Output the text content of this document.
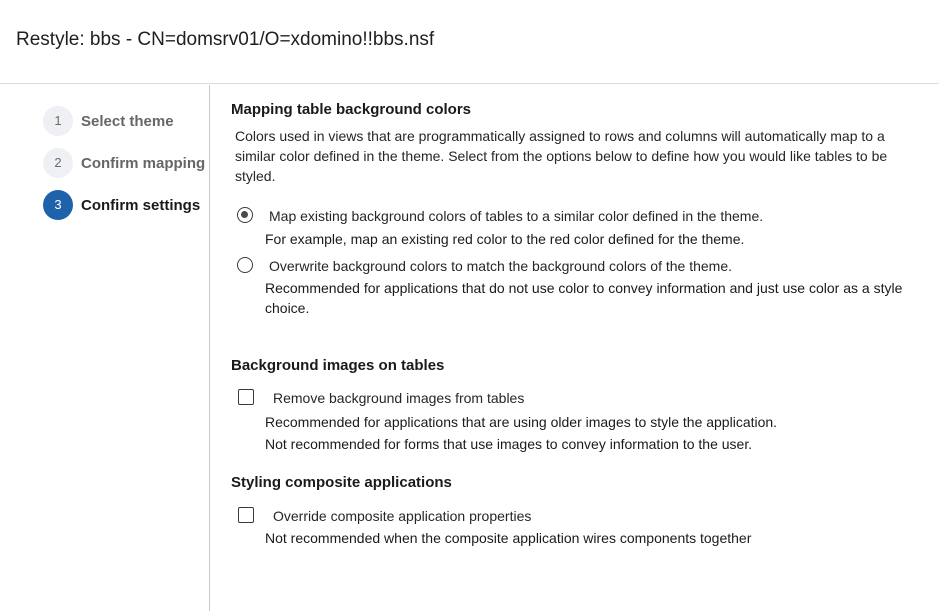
Restyle: bbs - CN=domsrv01/O=xdomino!!bbs.nsf
1	Select theme
2	Confirm mapping
3	Confirm settings
Mapping table background colors
Colors used in views that are programmatically assigned to rows and columns will automatically map to a
similar color defined in the theme. Select from the options below to define how you would like tables to be
styled.
Map existing background colors of tables to a similar color defined in the theme.
For example, map an existing red color to the red color defined for the theme.
Overwrite background colors to match the background colors of the theme.
Recommended for applications that do not use color to convey information and just use color as a style
choice.
Background images on tables
Remove background images from tables
Recommended for applications that are using older images to style the application.
Not recommended for forms that use images to convey information to the user.
Styling composite applications
Override composite application properties
Not recommended when the composite application wires components together
